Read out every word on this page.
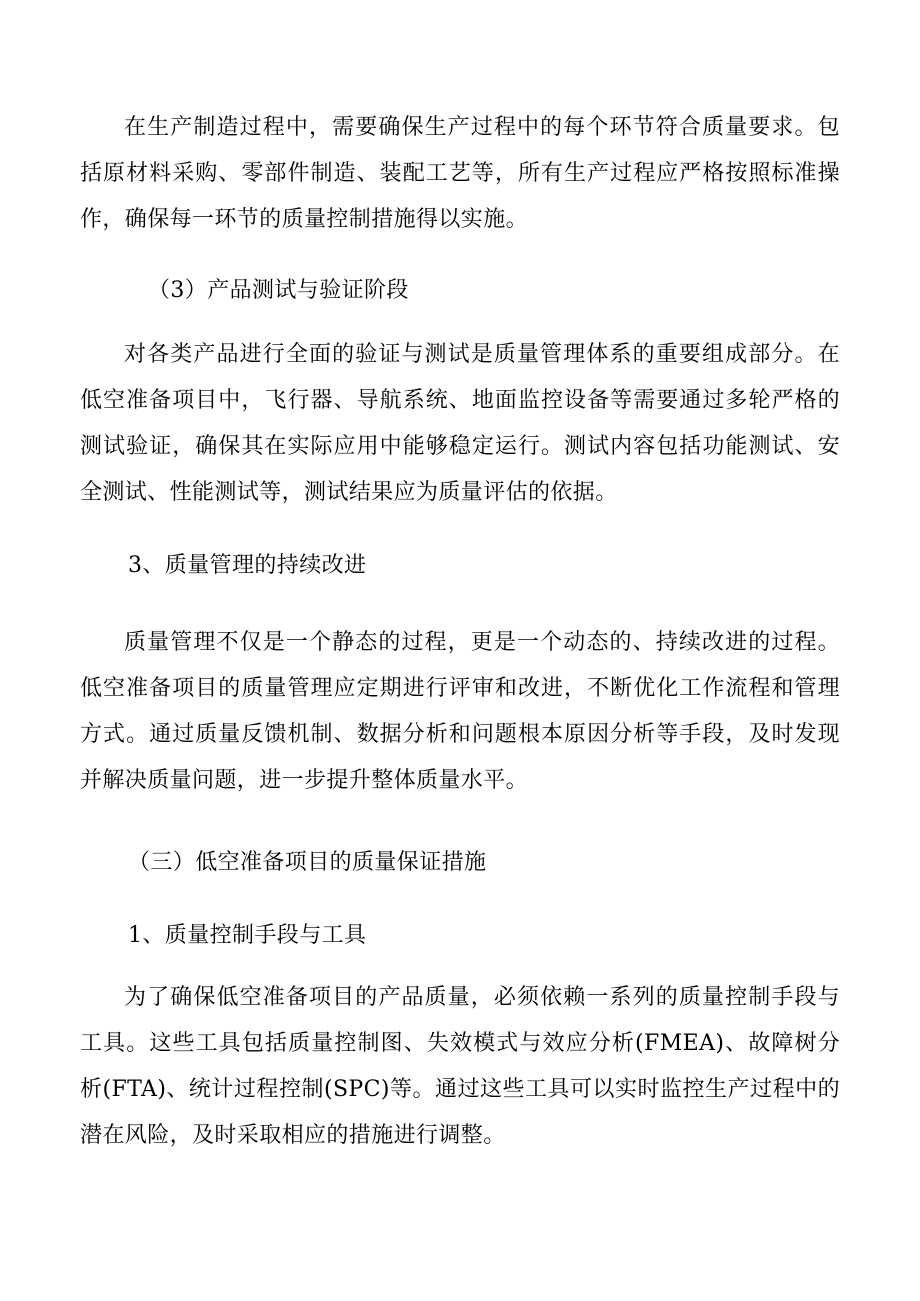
在生产制造过程中，需要确保生产过程中的每个环节符合质量要求。包括原材料采购、零部件制造、装配工艺等，所有生产过程应严格按照标准操作，确保每一环节的质量控制措施得以实施。

（3）产品测试与验证阶段

对各类产品进行全面的验证与测试是质量管理体系的重要组成部分。在低空准备项目中，飞行器、导航系统、地面监控设备等需要通过多轮严格的测试验证，确保其在实际应用中能够稳定运行。测试内容包括功能测试、安全测试、性能测试等，测试结果应为质量评估的依据。

3、质量管理的持续改进

质量管理不仅是一个静态的过程，更是一个动态的、持续改进的过程。低空准备项目的质量管理应定期进行评审和改进，不断优化工作流程和管理方式。通过质量反馈机制、数据分析和问题根本原因分析等手段，及时发现并解决质量问题，进一步提升整体质量水平。

（三）低空准备项目的质量保证措施

1、质量控制手段与工具

为了确保低空准备项目的产品质量，必须依赖一系列的质量控制手段与工具。这些工具包括质量控制图、失效模式与效应分析(FMEA)、故障树分析(FTA)、统计过程控制(SPC)等。通过这些工具可以实时监控生产过程中的潜在风险，及时采取相应的措施进行调整。
